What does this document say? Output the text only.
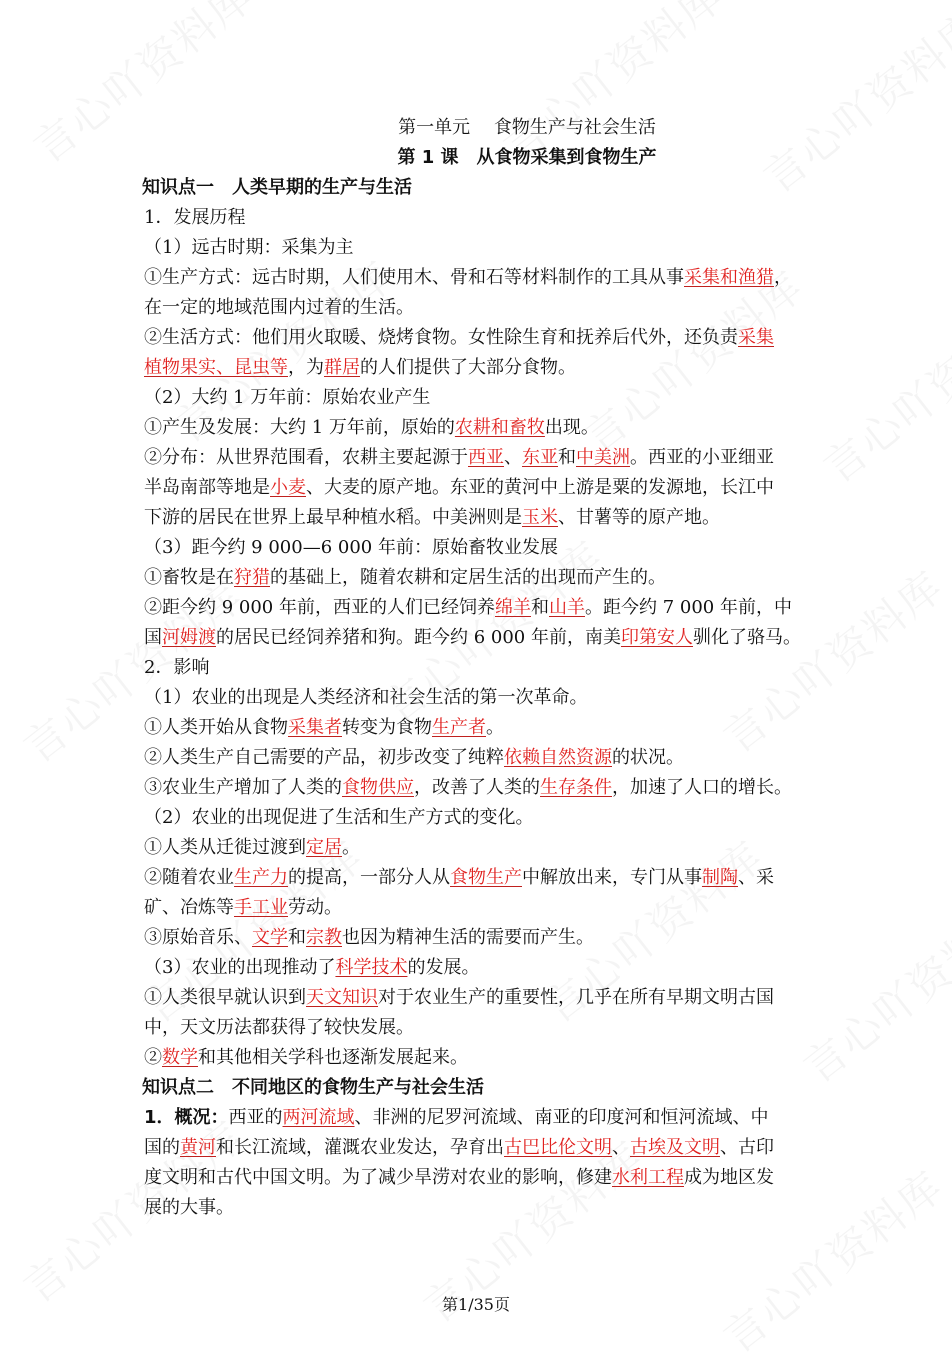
第一单元　 食物生产与社会生活
第 1 课　从食物采集到食物生产
知识点一　人类早期的生产与生活
1．发展历程
（1）远古时期：采集为主
①生产方式：远古时期，人们使用木、骨和石等材料制作的工具从事采集和渔猎，
在一定的地域范围内过着的生活。
②生活方式：他们用火取暖、烧烤食物。女性除生育和抚养后代外，还负责采集
植物果实、昆虫等，为群居的人们提供了大部分食物。
（2）大约 1 万年前：原始农业产生
①产生及发展：大约 1 万年前，原始的农耕和畜牧出现。
②分布：从世界范围看，农耕主要起源于西亚、东亚和中美洲。西亚的小亚细亚
半岛南部等地是小麦、大麦的原产地。东亚的黄河中上游是粟的发源地，长江中
下游的居民在世界上最早种植水稻。中美洲则是玉米、甘薯等的原产地。
（3）距今约 9 000—6 000 年前：原始畜牧业发展
①畜牧是在狩猎的基础上，随着农耕和定居生活的出现而产生的。
②距今约 9 000 年前，西亚的人们已经饲养绵羊和山羊。距今约 7 000 年前，中
国河姆渡的居民已经饲养猪和狗。距今约 6 000 年前，南美印第安人驯化了骆马。
2．影响
（1）农业的出现是人类经济和社会生活的第一次革命。
①人类开始从食物采集者转变为食物生产者。
②人类生产自己需要的产品，初步改变了纯粹依赖自然资源的状况。
③农业生产增加了人类的食物供应，改善了人类的生存条件，加速了人口的增长。
（2）农业的出现促进了生活和生产方式的变化。
①人类从迁徙过渡到定居。
②随着农业生产力的提高，一部分人从食物生产中解放出来，专门从事制陶、采
矿、冶炼等手工业劳动。
③原始音乐、文学和宗教也因为精神生活的需要而产生。
（3）农业的出现推动了科学技术的发展。
①人类很早就认识到天文知识对于农业生产的重要性，几乎在所有早期文明古国
中，天文历法都获得了较快发展。
②数学和其他相关学科也逐渐发展起来。
知识点二　不同地区的食物生产与社会生活
1．概况：西亚的两河流域、非洲的尼罗河流域、南亚的印度河和恒河流域、中
国的黄河和长江流域，灌溉农业发达，孕育出古巴比伦文明、古埃及文明、古印
度文明和古代中国文明。为了减少旱涝对农业的影响，修建水利工程成为地区发
展的大事。
第1/35页
